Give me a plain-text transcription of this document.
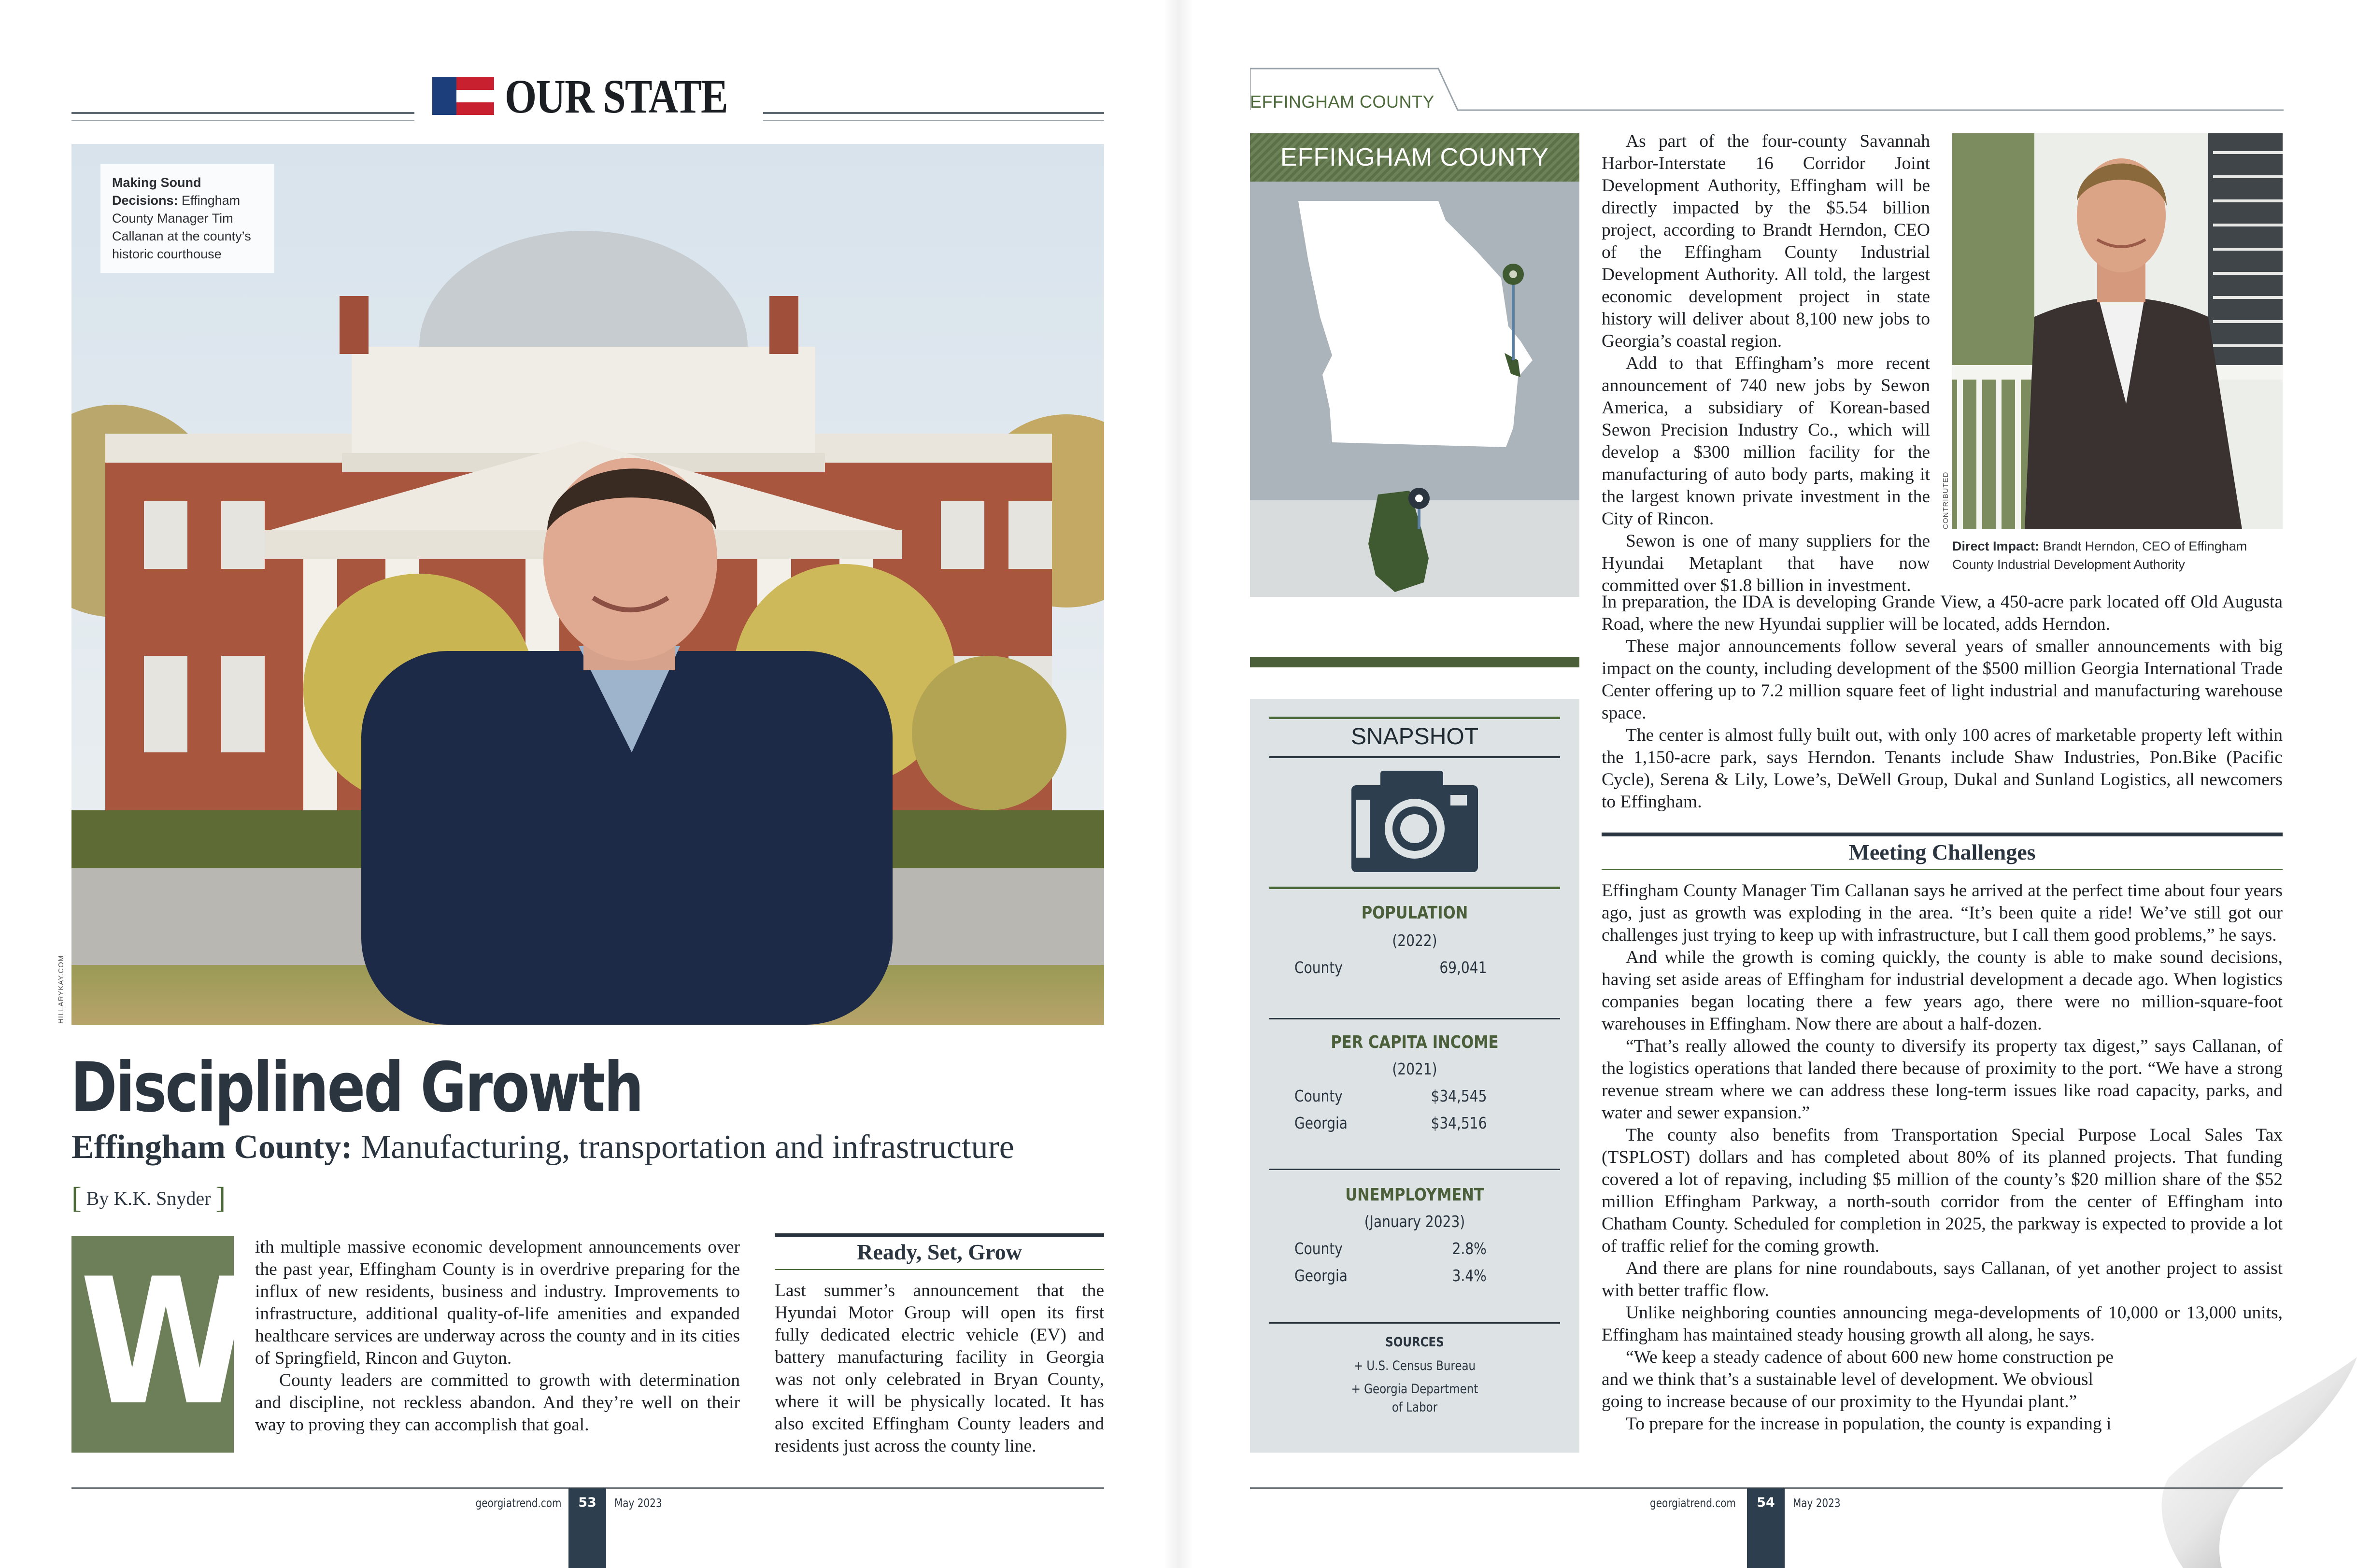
OUR STATE
Making Sound Decisions: Effingham County Manager Tim Callanan at the county’s historic courthouse
HILLARYKAY.COM
Disciplined Growth
Effingham County: Manufacturing, transportation and infrastructure
[ By K.K. Snyder ]
W ith multiple massive economic development announcements over the past year, Effingham County is in overdrive preparing for the influx of new residents, business and industry. Improvements to infrastructure, additional quality-of-life amenities and expanded healthcare services are underway across the county and in its cities of Springfield, Rincon and Guyton.

County leaders are committed to growth with determination and discipline, not reckless abandon. And they’re well on their way to proving they can accomplish that goal.

Ready, Set, Grow

Last summer’s announcement that the Hyundai Motor Group will open its first fully dedicated electric vehicle (EV) and battery manufacturing facility in Georgia was not only celebrated in Bryan County, where it will be physically located. It has also excited Effingham County leaders and residents just across the county line.

georgiatrend.com	53	May 2023
EFFINGHAM COUNTY
EFFINGHAM COUNTY
SNAPSHOT
POPULATION
(2022)
County	69,041
PER CAPITA INCOME
(2021)
County	$34,545
Georgia	$34,516
UNEMPLOYMENT
(January 2023)
County	2.8%
Georgia	3.4%
SOURCES
+ U.S. Census Bureau
+ Georgia Department
of Labor
CONTRIBUTED
Direct Impact: Brandt Herndon, CEO of Effingham County Industrial Development Authority

As part of the four-county Savannah Harbor-Interstate 16 Corridor Joint Development Authority, Effingham will be directly impacted by the $5.54 billion project, according to Brandt Herndon, CEO of the Effingham County Industrial Development Authority. All told, the largest economic development project in state history will deliver about 8,100 new jobs to Georgia’s coastal region.

Add to that Effingham’s more recent announcement of 740 new jobs by Sewon America, a subsidiary of Korean-based Sewon Precision Industry Co., which will develop a $300 million facility for the manufacturing of auto body parts, making it the largest known private investment in the City of Rincon.

Sewon is one of many suppliers for the Hyundai Metaplant that have now committed over $1.8 billion in investment.

In preparation, the IDA is developing Grande View, a 450-acre park located off Old Augusta Road, where the new Hyundai supplier will be located, adds Herndon.

These major announcements follow several years of smaller announcements with big impact on the county, including development of the $500 million Georgia International Trade Center offering up to 7.2 million square feet of light industrial and manufacturing warehouse space.

The center is almost fully built out, with only 100 acres of marketable property left within the 1,150-acre park, says Herndon. Tenants include Shaw Industries, Pon.Bike (Pacific Cycle), Serena & Lily, Lowe’s, DeWell Group, Dukal and Sunland Logistics, all newcomers to Effingham.

Meeting Challenges

Effingham County Manager Tim Callanan says he arrived at the perfect time about four years ago, just as growth was exploding in the area. “It’s been quite a ride! We’ve still got our challenges just trying to keep up with infrastructure, but I call them good problems,” he says.

And while the growth is coming quickly, the county is able to make sound decisions, having set aside areas of Effingham for industrial development a decade ago. When logistics companies began locating there a few years ago, there were no million-square-foot warehouses in Effingham. Now there are about a half-dozen.

“That’s really allowed the county to diversify its property tax digest,” says Callanan, of the logistics operations that landed there because of proximity to the port. “We have a strong revenue stream where we can address these long-term issues like road capacity, parks, and water and sewer expansion.”

The county also benefits from Transportation Special Purpose Local Sales Tax (TSPLOST) dollars and has completed about 80% of its planned projects. That funding covered a lot of repaving, including $5 million of the county’s $20 million share of the $52 million Effingham Parkway, a north-south corridor from the center of Effingham into Chatham County. Scheduled for completion in 2025, the parkway is expected to provide a lot of traffic relief for the coming growth.

And there are plans for nine roundabouts, says Callanan, of yet another project to assist with better traffic flow.

Unlike neighboring counties announcing mega-developments of 10,000 or 13,000 units, Effingham has maintained steady housing growth all along, he says.

“We keep a steady cadence of about 600 new home construction pe

and we think that’s a sustainable level of development. We obviousl

going to increase because of our proximity to the Hyundai plant.”

To prepare for the increase in population, the county is expanding i

georgiatrend.com	54	May 2023
